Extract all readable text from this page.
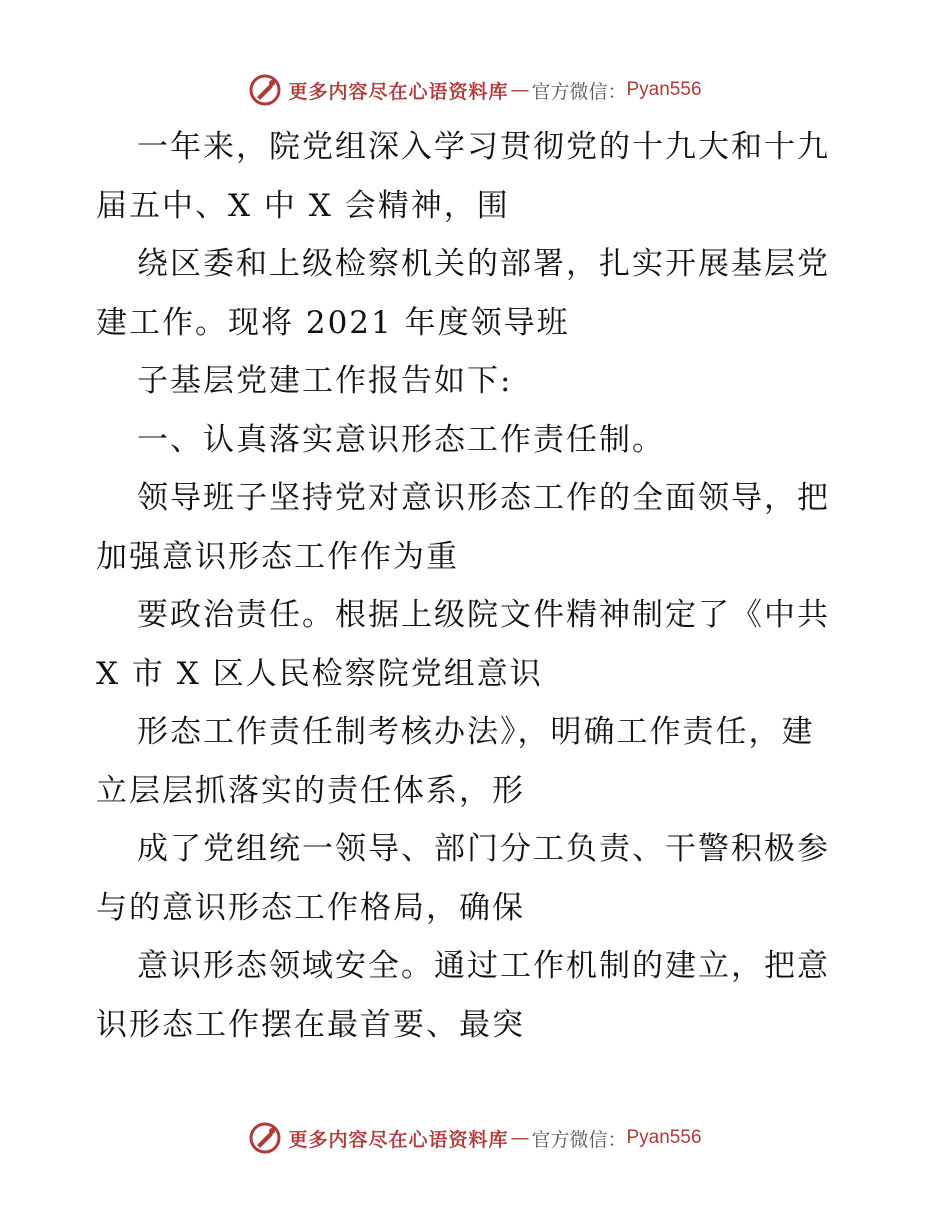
更多内容尽在心语资料库 — 官方微信： Pyan556
一年来，院党组深入学习贯彻党的十九大和十九
届五中、X 中 X 会精神，围
绕区委和上级检察机关的部署，扎实开展基层党
建工作。现将 2021 年度领导班
子基层党建工作报告如下:
一、认真落实意识形态工作责任制。
领导班子坚持党对意识形态工作的全面领导，把
加强意识形态工作作为重
要政治责任。根据上级院文件精神制定了《中共
X 市 X 区人民检察院党组意识
形态工作责任制考核办法》，明确工作责任，建
立层层抓落实的责任体系，形
成了党组统一领导、部门分工负责、干警积极参
与的意识形态工作格局，确保
意识形态领域安全。通过工作机制的建立，把意
识形态工作摆在最首要、最突
更多内容尽在心语资料库 — 官方微信： Pyan556
